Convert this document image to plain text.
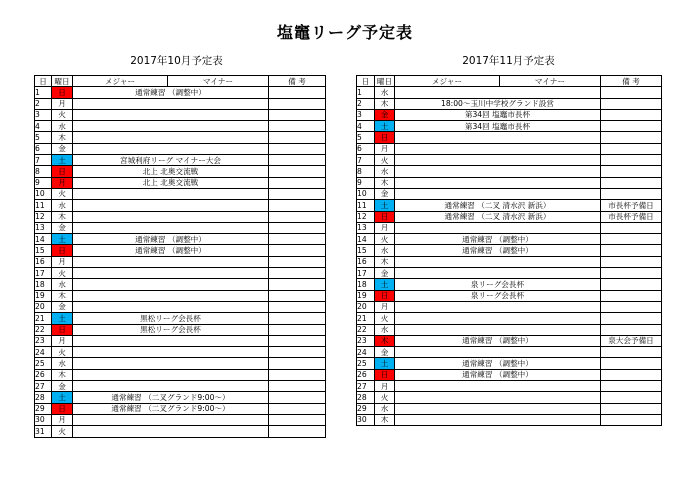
塩竈リーグ予定表
2017年10月予定表	2017年11月予定表
日	曜日	メジャー	マイナー	備 考
1	日	通常練習 （調整中）		
2	月			
3	火			
4	水			
5	木			
6	金			
7	土	宮城利府リーグ マイナー大会		
8	日	北上 北奥交流戦		
9	月	北上 北奥交流戦		
10	火			
11	水			
12	木			
13	金			
14	土	通常練習 （調整中）		
15	日	通常練習 （調整中）		
16	月			
17	火			
18	水			
19	木			
20	金			
21	土	黒松リーグ会長杯		
22	日	黒松リーグ会長杯		
23	月			
24	火			
25	水			
26	木			
27	金			
28	土	通常練習 （二叉グランド9:00～）		
29	日	通常練習 （二叉グランド9:00～）		
30	月			
31	火			
日	曜日	メジャー	マイナー	備 考
1	水			
2	木	18:00～玉川中学校グランド設営		
3	金	第34回 塩竈市長杯		
4	土	第34回 塩竈市長杯		
5	日			
6	月			
7	火			
8	水			
9	木			
10	金			
11	土	通常練習 （二叉 清水沢 新浜）		市長杯予備日
12	日	通常練習 （二叉 清水沢 新浜）		市長杯予備日
13	月			
14	火	通常練習 （調整中）		
15	水	通常練習 （調整中）		
16	木			
17	金			
18	土	泉リーグ会長杯		
19	日	泉リーグ会長杯		
20	月			
21	火			
22	水			
23	木	通常練習 （調整中）		泉大会予備日
24	金			
25	土	通常練習 （調整中）		
26	日	通常練習 （調整中）		
27	月			
28	火			
29	水			
30	木			
